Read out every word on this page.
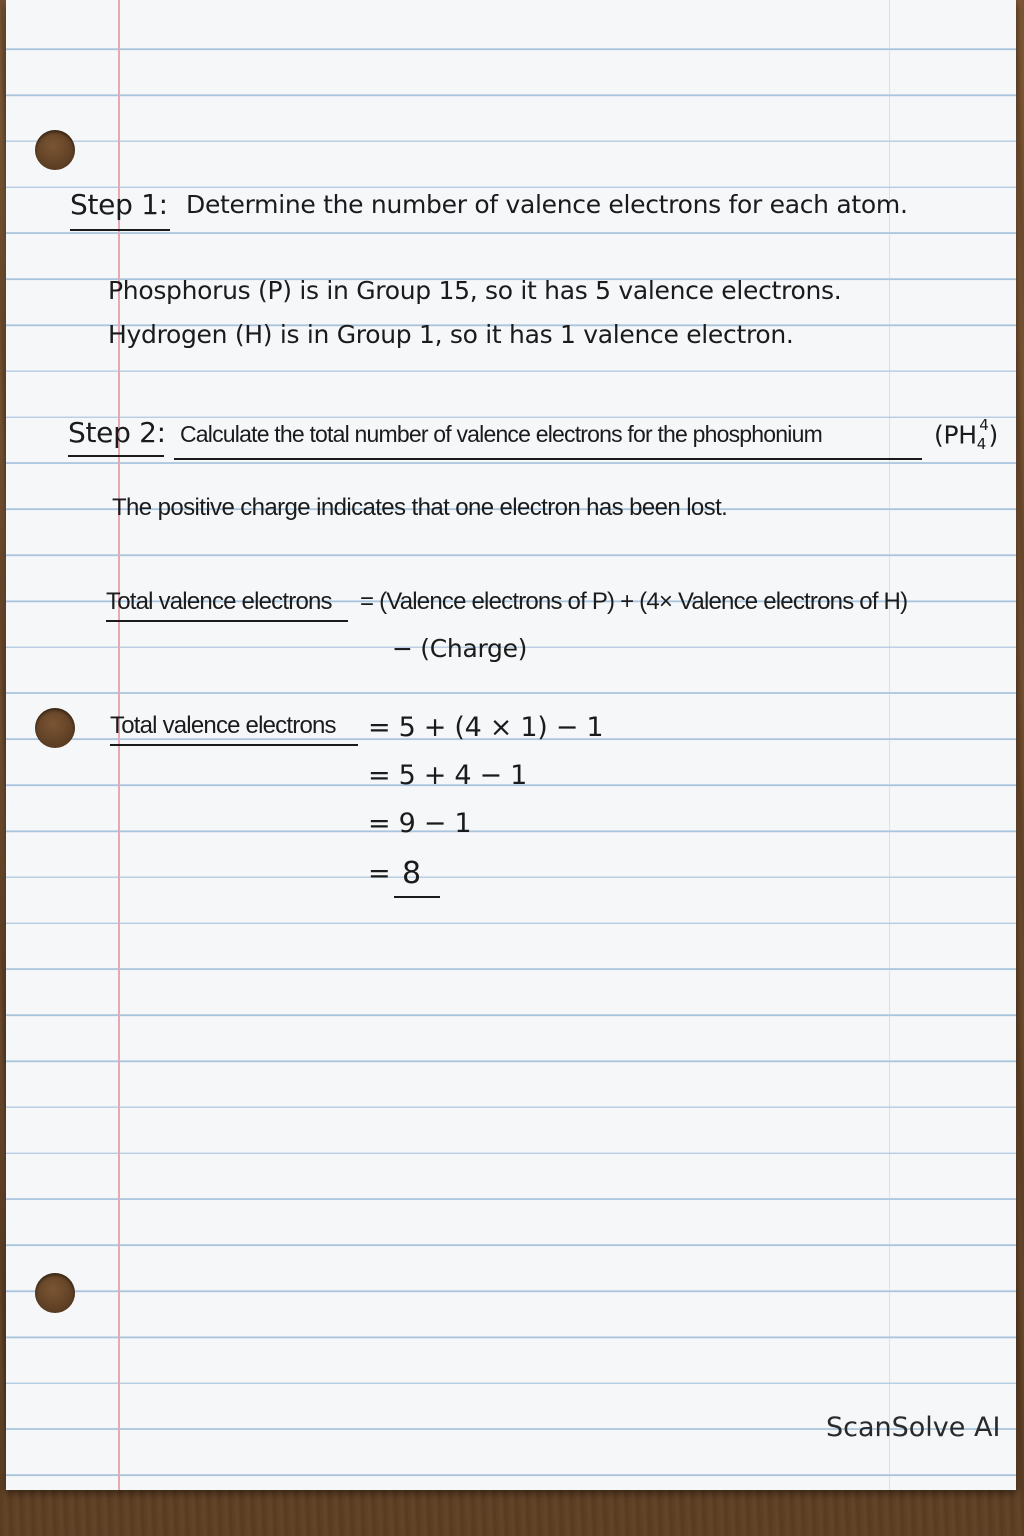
Step 1: Determine the number of valence electrons for each atom.
Phosphorus (P) is in Group 15, so it has 5 valence electrons.
Hydrogen (H) is in Group 1, so it has 1 valence electron.
Step 2: Calculate the total number of valence electrons for the phosphonium	$(PH_4^4)$
The positive charge indicates that one electron has been lost.
Total valence electrons = (Valence electrons of P) + (4× Valence electrons of H)
− (Charge)
Total valence electrons = 5 + (4 × 1) − 1
= 5 + 4 − 1
= 9 − 1
= 8
ScanSolve AI
